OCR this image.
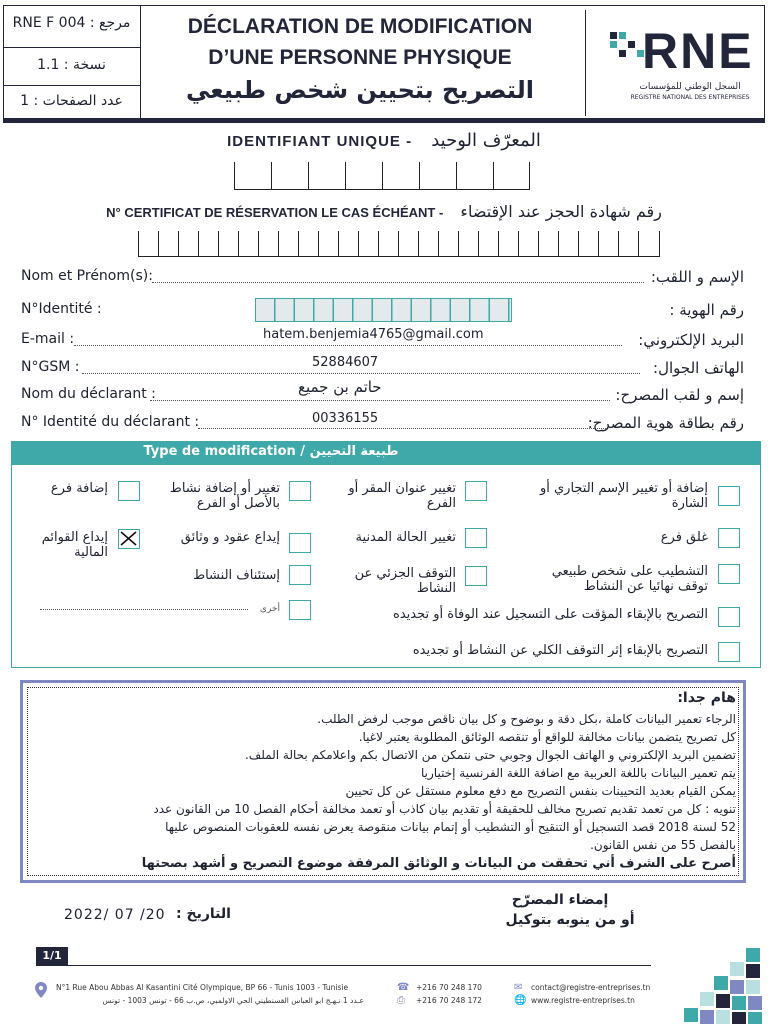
RNE F 004 : مرجع
نسخة : 1.1
عدد الصفحات : 1
DÉCLARATION DE MODIFICATION
D’UNE PERSONNE PHYSIQUE
التصريح بتحيين شخص طبيعي
RNE
السجل الوطني للمؤسسات
REGISTRE NATIONAL DES ENTREPRISES
IDENTIFIANT UNIQUE - المعرّف الوحيد
N° CERTIFICAT DE RÉSERVATION LE CAS ÉCHÉANT - رقم شهادة الحجز عند الإقتضاء
Nom et Prénom(s):	الإسم و اللقب:
N°Identité :	رقم الهوية :
E-mail :	hatem.benjemia4765@gmail.com	البريد الإلكتروني:
N°GSM :	52884607	الهاتف الجوال:
Nom du déclarant :	حاتم بن جميع	إسم و لقب المصرح:
N° Identité du déclarant :	00336155	رقم بطاقة هوية المصرح:
Type de modification / طبيعة التحيين
إضافة أو تغيير الإسم التجاري أو الشارة
تغيير عنوان المقر أو الفرع
تغيير أو إضافة نشاط بالأصل أو الفرع
إضافة فرع
غلق فرع
تغيير الحالة المدنية
إيداع عقود و وثائق
إيداع القوائم المالية
التشطيب على شخص طبيعي توقف نهائيا عن النشاط
التوقف الجزئي عن النشاط
إستئناف النشاط
أخرى	التصريح بالإبقاء المؤقت على التسجيل عند الوفاة أو تجديده
التصريح بالإبقاء إثر التوقف الكلي عن النشاط أو تجديده
هام جدا:
الرجاء تعمير البيانات كاملة ،بكل دقة و بوضوح و كل بيان ناقص موجب لرفض الطلب.
كل تصريح يتضمن بيانات مخالفة للواقع أو تنقصه الوثائق المطلوبة يعتبر لاغيا.
تضمين البريد الإلكتروني و الهاتف الجوال وجوبي حتى نتمكن من الاتصال بكم واعلامكم بحالة الملف.
يتم تعمير البيانات باللغة العربية مع اضافة اللغة الفرنسية إختياريا
يمكن القيام بعديد التحيينات بنفس التصريح مع دفع معلوم مستقل عن كل تحيين
تنويه : كل من تعمد تقديم تصريح مخالف للحقيقة أو تقديم بيان كاذب أو تعمد مخالفة أحكام الفصل 10 من القانون عدد
52 لسنة 2018 قصد التسجيل أو التنقيح أو التشطيب أو إتمام بيانات منقوصة يعرض نفسه للعقوبات المنصوص عليها
بالفصل 55 من نفس القانون.
أصرح على الشرف أني تحققت من البيانات و الوثائق المرفقة موضوع التصريح و أشهد بصحتها
التاريخ :
2022/ 07 /20
إمضاء المصرّح
أو من ينوبه بتوكيل
1/1
N°1 Rue Abou Abbas Al Kasantini Cité Olympique, BP 66 - Tunis 1003 - Tunisie
عـدد 1 نـهـج ابو العباس القسنطيني الحي الاولمبي، ص.ب 66 - تونس 1003 - تونس
☎ +216 70 248 170
⎙ +216 70 248 172
✉ contact@registre-entreprises.tn
🌐 www.registre-entreprises.tn
